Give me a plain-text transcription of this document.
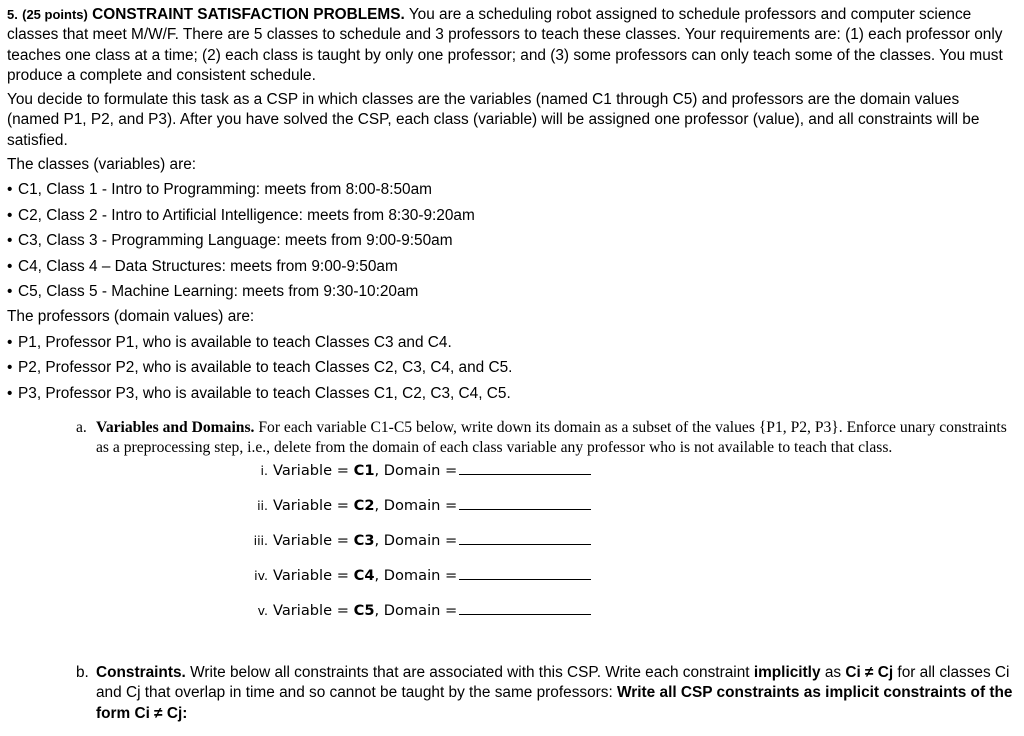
5. (25 points) CONSTRAINT SATISFACTION PROBLEMS. You are a scheduling robot assigned to schedule professors and computer science classes that meet M/W/F. There are 5 classes to schedule and 3 professors to teach these classes. Your requirements are: (1) each professor only teaches one class at a time; (2) each class is taught by only one professor; and (3) some professors can only teach some of the classes. You must produce a complete and consistent schedule.

You decide to formulate this task as a CSP in which classes are the variables (named C1 through C5) and professors are the domain values (named P1, P2, and P3). After you have solved the CSP, each class (variable) will be assigned one professor (value), and all constraints will be satisfied.

The classes (variables) are:
• C1, Class 1 - Intro to Programming: meets from 8:00-8:50am
• C2, Class 2 - Intro to Artificial Intelligence: meets from 8:30-9:20am
• C3, Class 3 - Programming Language: meets from 9:00-9:50am
• C4, Class 4 – Data Structures: meets from 9:00-9:50am
• C5, Class 5 - Machine Learning: meets from 9:30-10:20am
The professors (domain values) are:
• P1, Professor P1, who is available to teach Classes C3 and C4.
• P2, Professor P2, who is available to teach Classes C2, C3, C4, and C5.
• P3, Professor P3, who is available to teach Classes C1, C2, C3, C4, C5.
a. Variables and Domains. For each variable C1-C5 below, write down its domain as a subset of the values {P1, P2, P3}. Enforce unary constraints as a preprocessing step, i.e., delete from the domain of each class variable any professor who is not available to teach that class.

i. Variable = C1, Domain =
ii. Variable = C2, Domain =
iii. Variable = C3, Domain =
iv. Variable = C4, Domain =
v. Variable = C5, Domain =
b. Constraints. Write below all constraints that are associated with this CSP. Write each constraint implicitly as Ci ≠ Cj for all classes Ci and Cj that overlap in time and so cannot be taught by the same professors: Write all CSP constraints as implicit constraints of the form Ci ≠ Cj:
